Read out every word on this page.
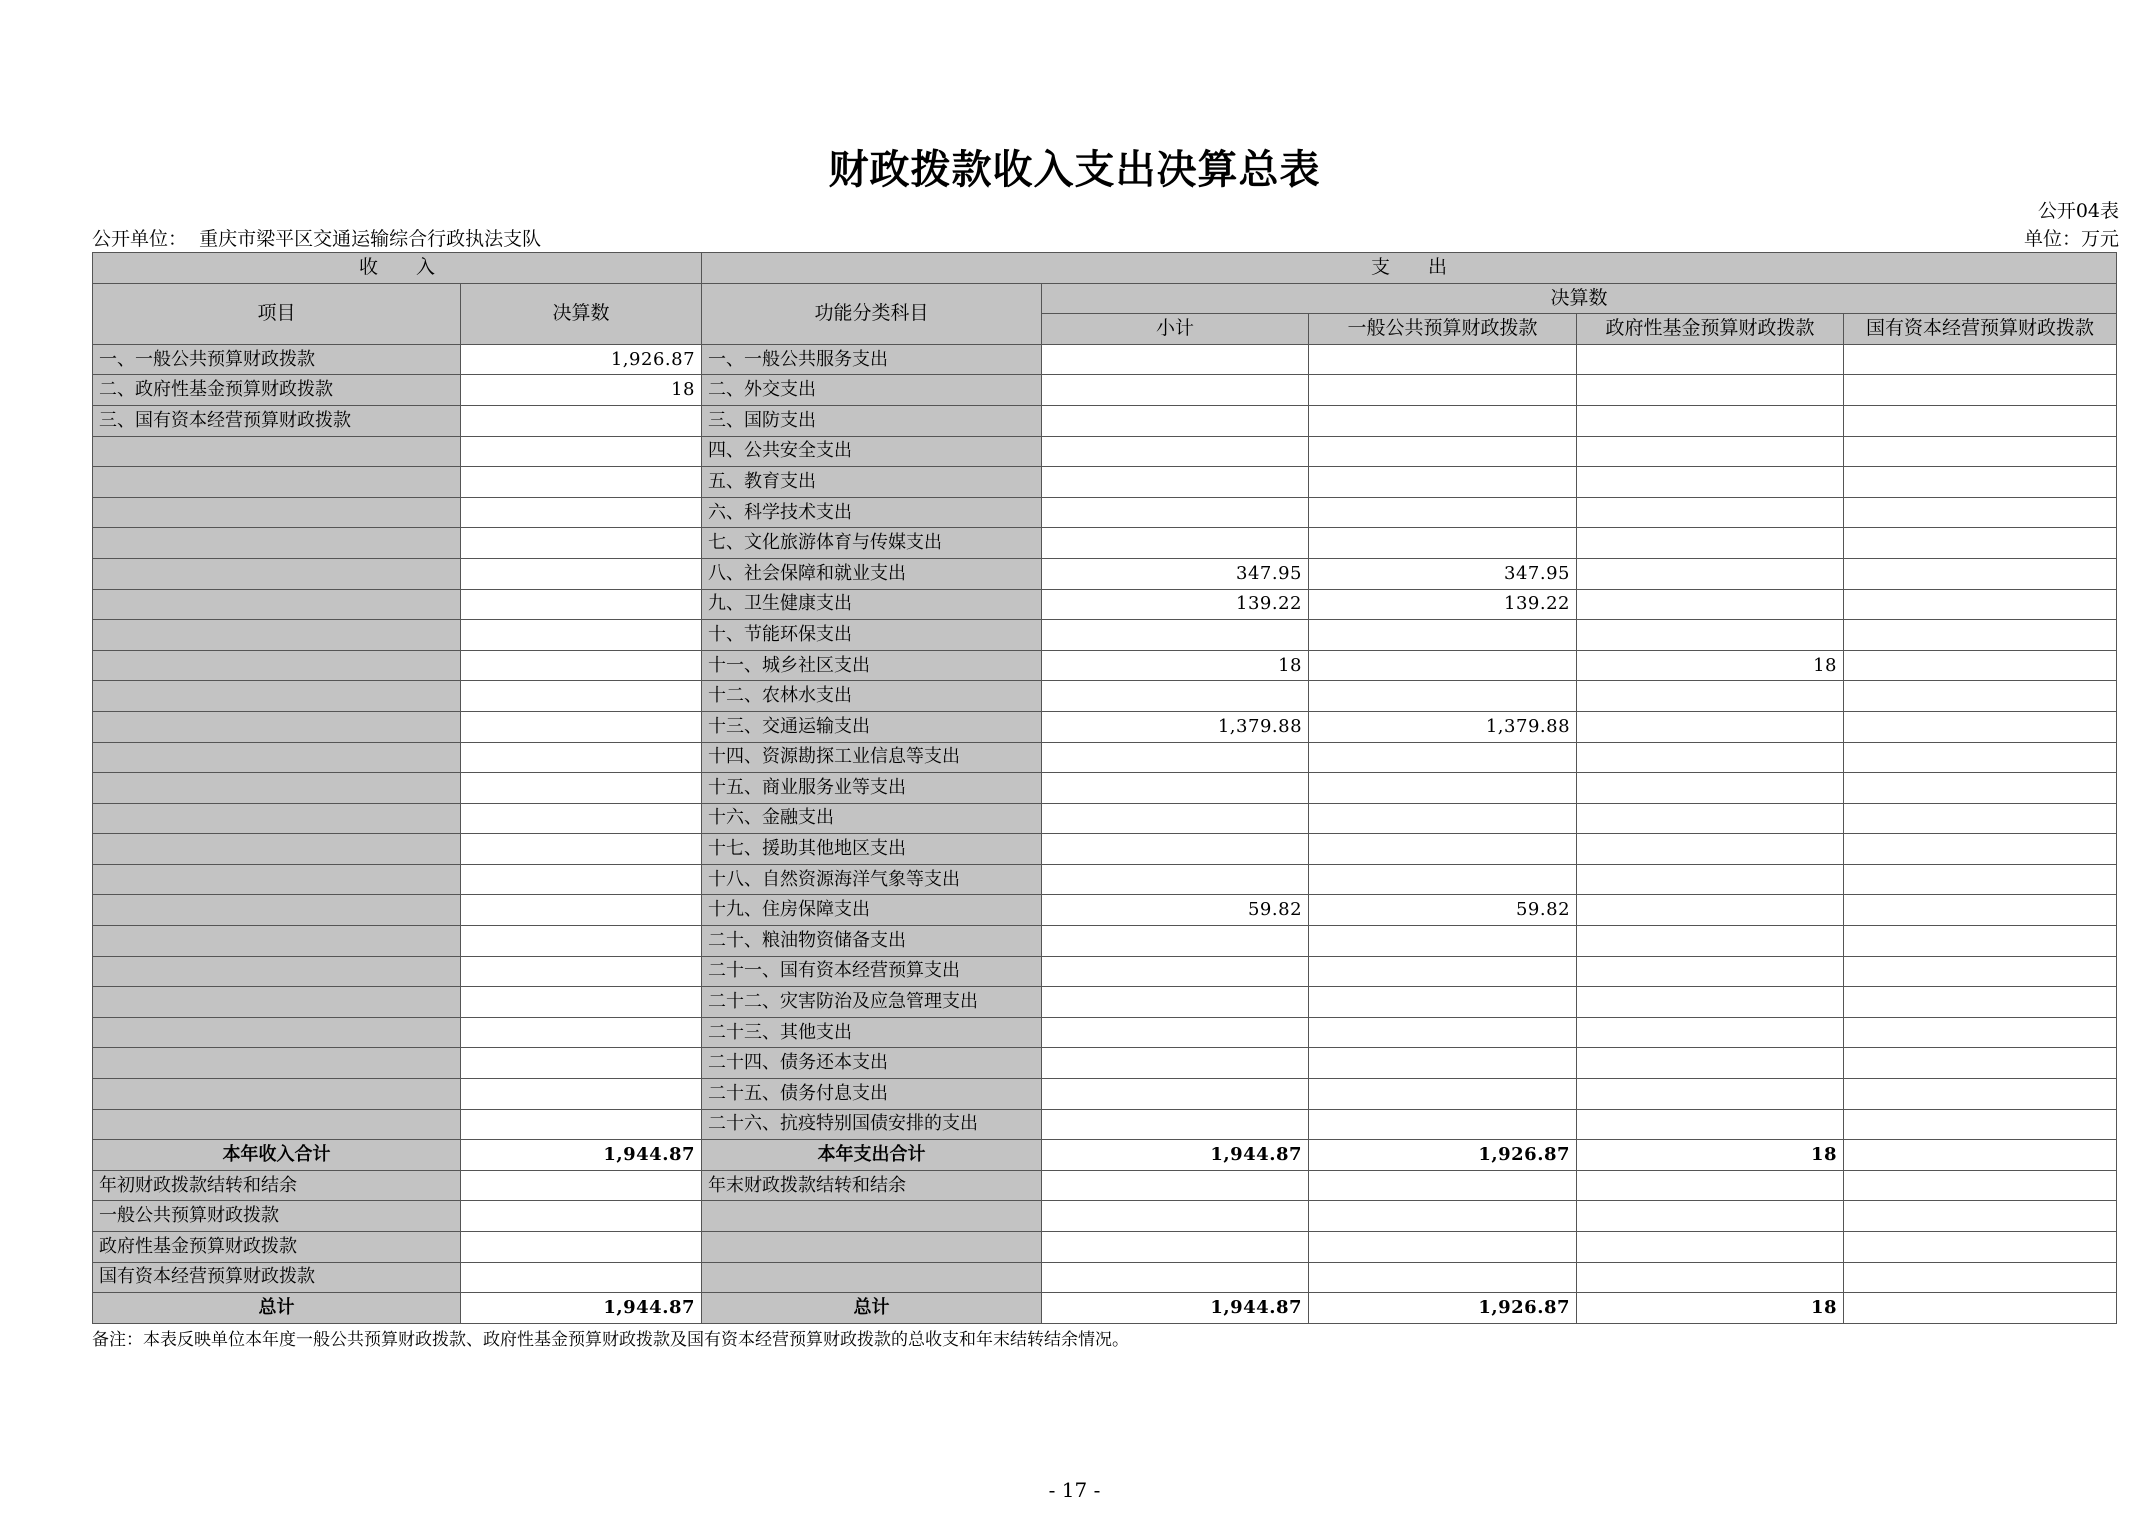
财政拨款收入支出决算总表
公开04表
公开单位： 重庆市梁平区交通运输综合行政执法支队	单位：万元
收　　入		支　　出				
项目	决算数	功能分类科目	决算数			
			小计	一般公共预算财政拨款	政府性基金预算财政拨款	国有资本经营预算财政拨款
一、一般公共预算财政拨款	1,926.87	一、一般公共服务支出				
二、政府性基金预算财政拨款	18	二、外交支出				
三、国有资本经营预算财政拨款		三、国防支出				
		四、公共安全支出				
		五、教育支出				
		六、科学技术支出				
		七、文化旅游体育与传媒支出				
		八、社会保障和就业支出	347.95	347.95		
		九、卫生健康支出	139.22	139.22		
		十、节能环保支出				
		十一、城乡社区支出	18		18	
		十二、农林水支出				
		十三、交通运输支出	1,379.88	1,379.88		
		十四、资源勘探工业信息等支出				
		十五、商业服务业等支出				
		十六、金融支出				
		十七、援助其他地区支出				
		十八、自然资源海洋气象等支出				
		十九、住房保障支出	59.82	59.82		
		二十、粮油物资储备支出				
		二十一、国有资本经营预算支出				
		二十二、灾害防治及应急管理支出				
		二十三、其他支出				
		二十四、债务还本支出				
		二十五、债务付息支出				
		二十六、抗疫特别国债安排的支出				
本年收入合计	1,944.87	本年支出合计	1,944.87	1,926.87	18	
年初财政拨款结转和结余		年末财政拨款结转和结余				
一般公共预算财政拨款						
政府性基金预算财政拨款						
国有资本经营预算财政拨款						
总计	1,944.87	总计	1,944.87	1,926.87	18	
备注：本表反映单位本年度一般公共预算财政拨款、政府性基金预算财政拨款及国有资本经营预算财政拨款的总收支和年末结转结余情况。
- 17 -
